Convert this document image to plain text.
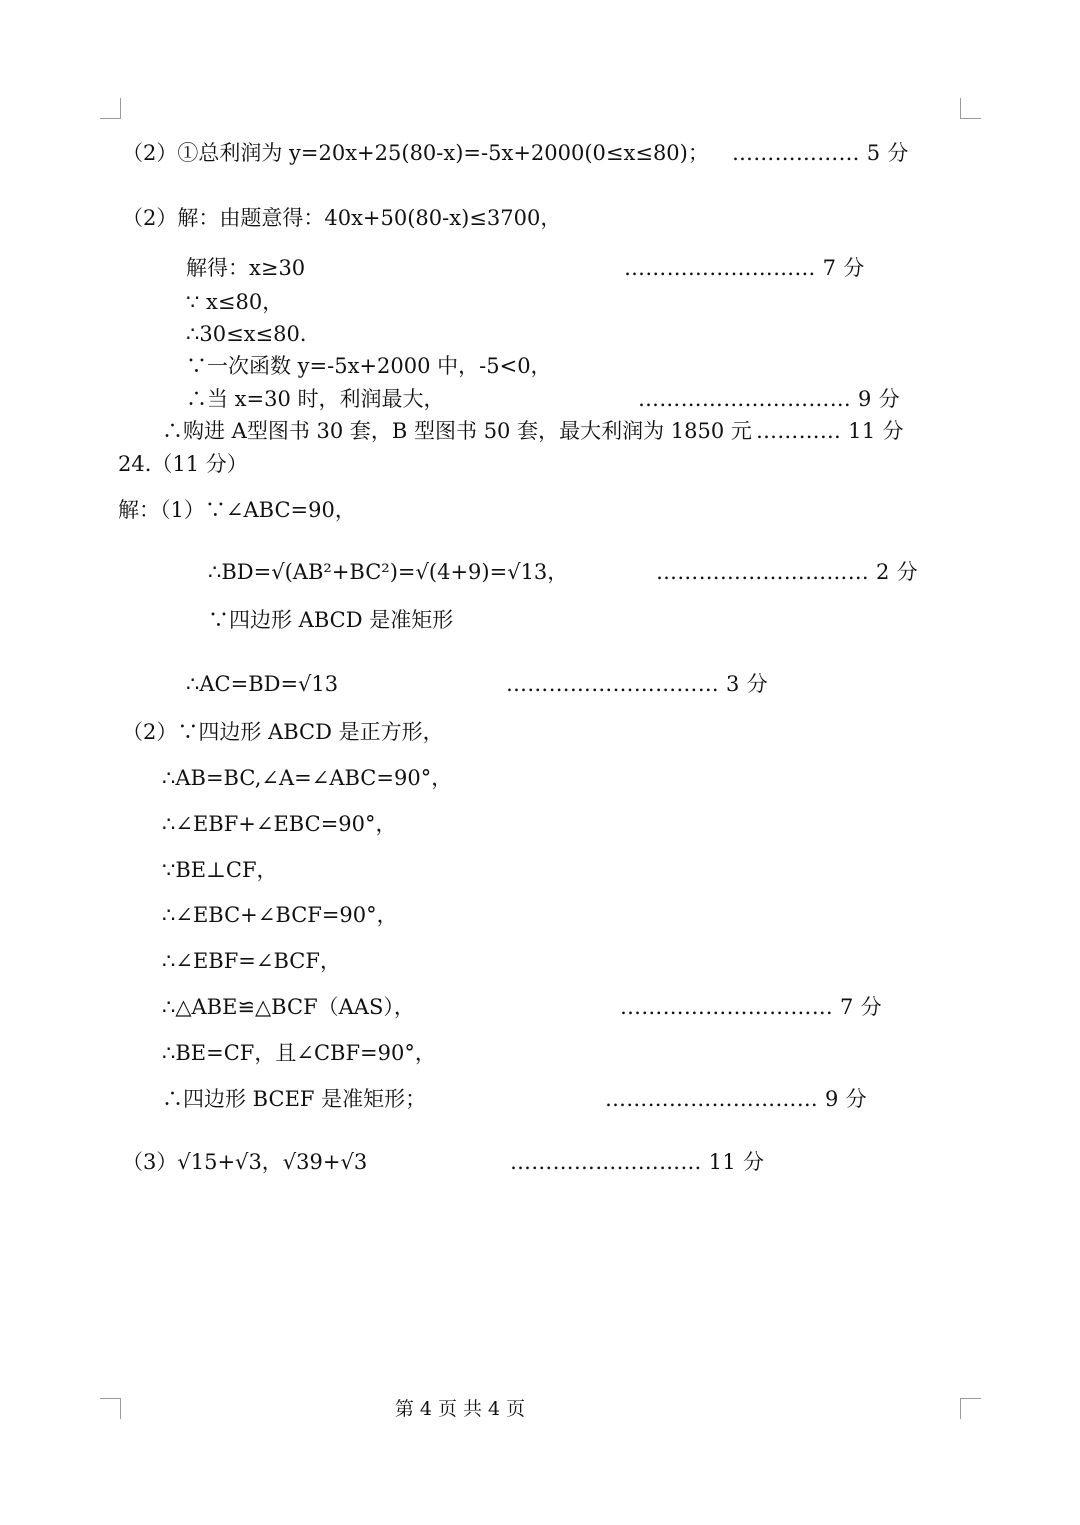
（2）①总利润为 y=20x+25(80-x)=-5x+2000(0≤x≤80)； ……………… 5 分
（2）解：由题意得：40x+50(80-x)≤3700，
解得：x≥30	……………………… 7 分
∵ x≤80，
∴30≤x≤80．
∵一次函数 y=-5x+2000 中，-5<0，
∴当 x=30 时，利润最大，	………………………… 9 分
∴购进 A型图书 30 套，B 型图书 50 套，最大利润为 1850 元 ………… 11 分
24.（11 分）
解：（1）∵∠ABC=90，
∴BD=√(AB²+BC²)=√(4+9)=√13，	………………………… 2 分
∵四边形 ABCD 是准矩形
∴AC=BD=√13	………………………… 3 分
（2）∵四边形 ABCD 是正方形，
∴AB=BC,∠A=∠ABC=90°，
∴∠EBF+∠EBC=90°，
∵BE⊥CF，
∴∠EBC+∠BCF=90°，
∴∠EBF=∠BCF，
∴△ABE≌△BCF（AAS），	………………………… 7 分
∴BE=CF，且∠CBF=90°，
∴四边形 BCEF 是准矩形；	………………………… 9 分
（3）√15+√3，√39+√3	……………………… 11 分
第 4 页 共 4 页
